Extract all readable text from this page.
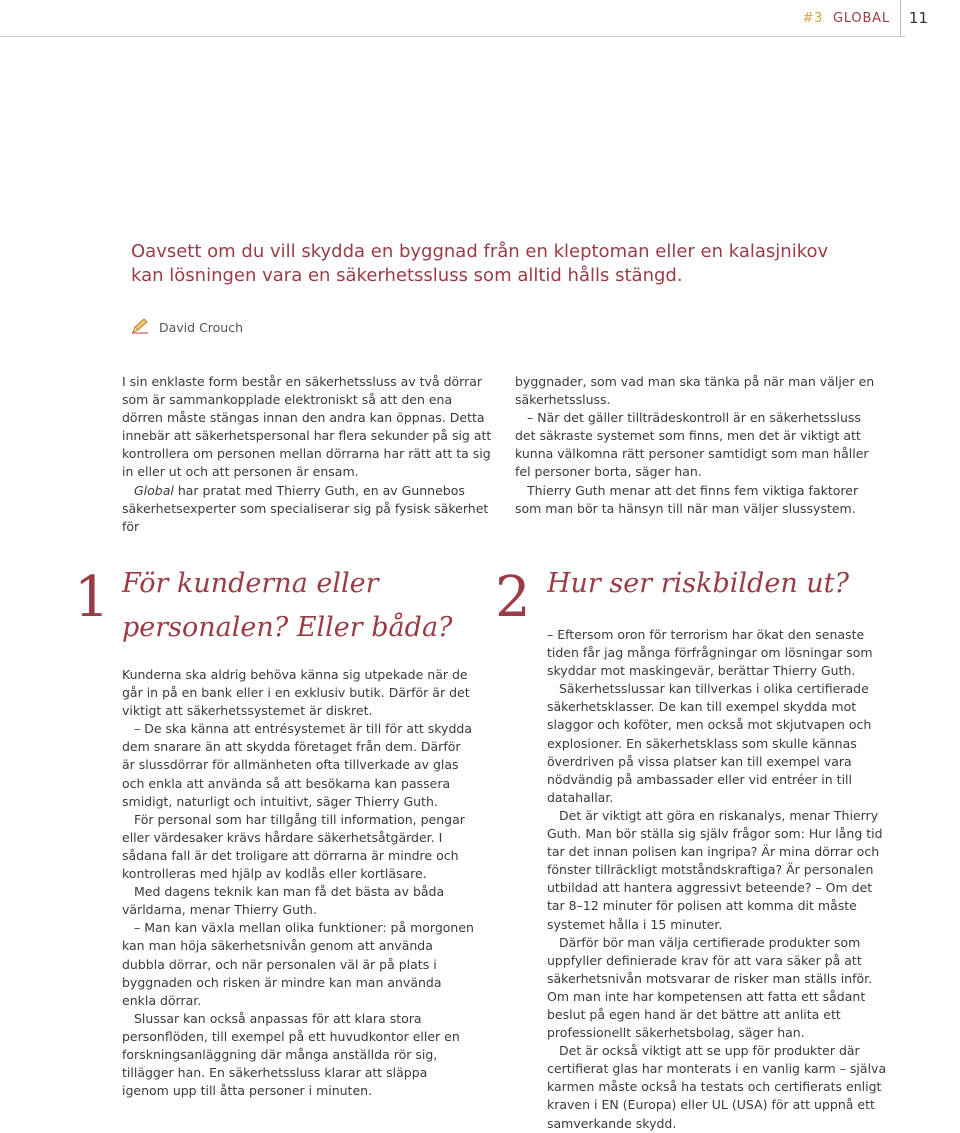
#3 GLOBAL	11

Oavsett om du vill skydda en byggnad från en kleptoman eller en kalasjnikov kan lösningen vara en säkerhetssluss som alltid hålls stängd.

David Crouch

I sin enklaste form består en säkerhetssluss av två dörrar som är sammankopplade elektroniskt så att den ena dörren måste stängas innan den andra kan öppnas. Detta innebär att säkerhetspersonal har flera sekunder på sig att kontrollera om personen mellan dörrarna har rätt att ta sig in eller ut och att personen är ensam.

Global har pratat med Thierry Guth, en av Gunnebos säkerhetsexperter som specialiserar sig på fysisk säkerhet för

byggnader, som vad man ska tänka på när man väljer en säkerhetssluss.

– När det gäller tillträdeskontroll är en säkerhetssluss det säkraste systemet som finns, men det är viktigt att kunna välkomna rätt personer samtidigt som man håller fel personer borta, säger han.

Thierry Guth menar att det finns fem viktiga faktorer som man bör ta hänsyn till när man väljer slussystem.

1 För kunderna eller personalen? Eller båda?

Kunderna ska aldrig behöva känna sig utpekade när de går in på en bank eller i en exklusiv butik. Därför är det viktigt att säkerhetssystemet är diskret.

– De ska känna att entrésystemet är till för att skydda dem snarare än att skydda företaget från dem. Därför är slussdörrar för allmänheten ofta tillverkade av glas och enkla att använda så att besökarna kan passera smidigt, naturligt och intuitivt, säger Thierry Guth.

För personal som har tillgång till information, pengar eller värdesaker krävs hårdare säkerhetsåtgärder. I sådana fall är det troligare att dörrarna är mindre och kontrolleras med hjälp av kodlås eller kortläsare.

Med dagens teknik kan man få det bästa av båda världarna, menar Thierry Guth.

– Man kan växla mellan olika funktioner: på morgonen kan man höja säkerhetsnivån genom att använda dubbla dörrar, och när personalen väl är på plats i byggnaden och risken är mindre kan man använda enkla dörrar.

Slussar kan också anpassas för att klara stora personflöden, till exempel på ett huvudkontor eller en forskningsanläggning där många anställda rör sig, tillägger han. En säkerhetssluss klarar att släppa igenom upp till åtta personer i minuten.

2 Hur ser riskbilden ut?

– Eftersom oron för terrorism har ökat den senaste tiden får jag många förfrågningar om lösningar som skyddar mot maskingevär, berättar Thierry Guth.

Säkerhetsslussar kan tillverkas i olika certifierade säkerhetsklasser. De kan till exempel skydda mot slaggor och koföter, men också mot skjutvapen och explosioner. En säkerhetsklass som skulle kännas överdriven på vissa platser kan till exempel vara nödvändig på ambassader eller vid entréer in till datahallar.

Det är viktigt att göra en riskanalys, menar Thierry Guth. Man bör ställa sig själv frågor som: Hur lång tid tar det innan polisen kan ingripa? Är mina dörrar och fönster tillräckligt motståndskraftiga? Är personalen utbildad att hantera aggressivt beteende? – Om det tar 8–12 minuter för polisen att komma dit måste systemet hålla i 15 minuter.

Därför bör man välja certifierade produkter som uppfyller definierade krav för att vara säker på att säkerhetsnivån motsvarar de risker man ställs inför. Om man inte har kompetensen att fatta ett sådant beslut på egen hand är det bättre att anlita ett professionellt säkerhetsbolag, säger han.

Det är också viktigt att se upp för produkter där certifierat glas har monterats i en vanlig karm – själva karmen måste också ha testats och certifierats enligt kraven i EN (Europa) eller UL (USA) för att uppnå ett samverkande skydd.
